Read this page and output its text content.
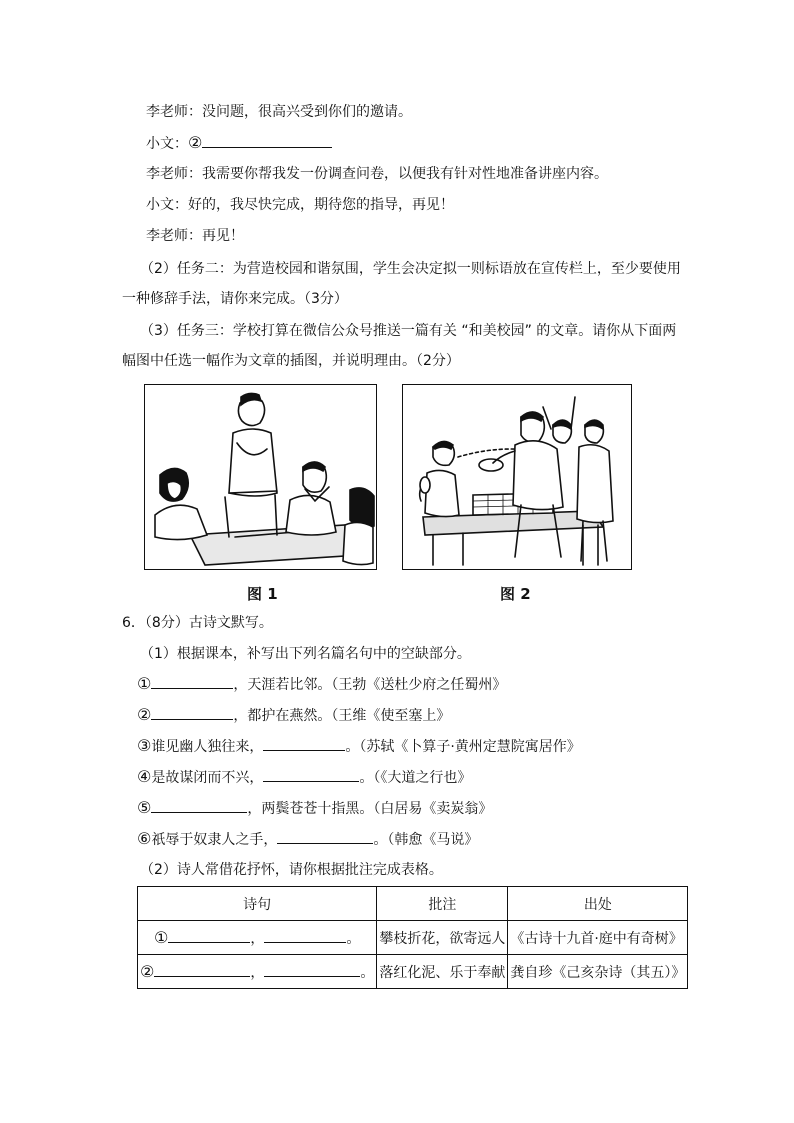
李老师：没问题，很高兴受到你们的邀请。
小文：②
李老师：我需要你帮我发一份调查问卷，以便我有针对性地准备讲座内容。
小文：好的，我尽快完成，期待您的指导，再见！
李老师：再见！
（2）任务二：为营造校园和谐氛围，学生会决定拟一则标语放在宣传栏上，至少要使用
一种修辞手法，请你来完成。（3分）
（3）任务三：学校打算在微信公众号推送一篇有关 “和美校园” 的文章。请你从下面两
幅图中任选一幅作为文章的插图，并说明理由。（2分）
图 1	图 2
6．（8分）古诗文默写。
（1）根据课本，补写出下列名篇名句中的空缺部分。
①	，天涯若比邻。（王勃《送杜少府之任蜀州》
②	，都护在燕然。（王维《使至塞上》
③谁见幽人独往来，	。（苏轼《卜算子·黄州定慧院寓居作》
④是故谋闭而不兴，	。（《大道之行也》
⑤	，两鬓苍苍十指黑。（白居易《卖炭翁》
⑥祇辱于奴隶人之手，	。（韩愈《马说》
（2）诗人常借花抒怀，请你根据批注完成表格。
诗句	批注	出处
① ， 。	攀枝折花，欲寄远人	《古诗十九首·庭中有奇树》
② ， 。	落红化泥、乐于奉献	龚自珍《己亥杂诗（其五）》
